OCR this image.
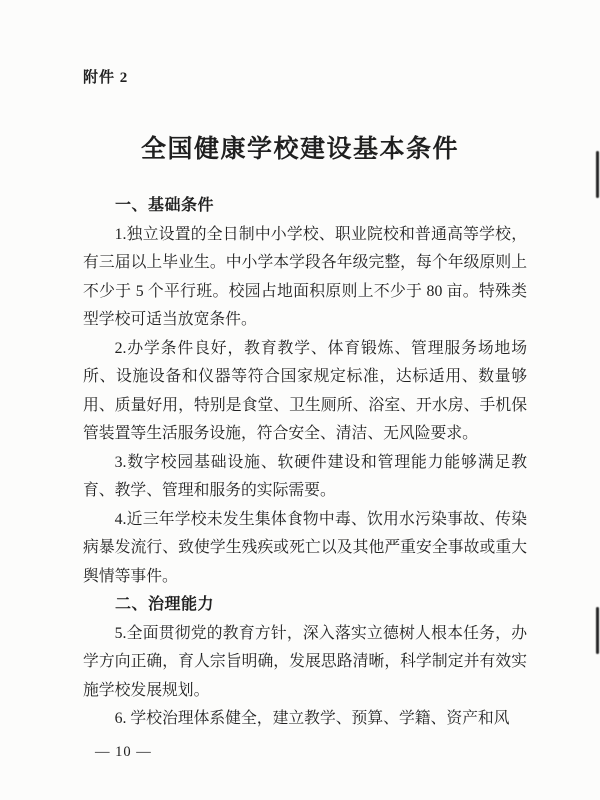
附件 2
全国健康学校建设基本条件
一、基础条件

1.独立设置的全日制中小学校、职业院校和普通高等学校，有三届以上毕业生。中小学本学段各年级完整，每个年级原则上不少于 5 个平行班。校园占地面积原则上不少于 80 亩。特殊类型学校可适当放宽条件。

2.办学条件良好，教育教学、体育锻炼、管理服务场地场所、设施设备和仪器等符合国家规定标准，达标适用、数量够用、质量好用，特别是食堂、卫生厕所、浴室、开水房、手机保管装置等生活服务设施，符合安全、清洁、无风险要求。

3.数字校园基础设施、软硬件建设和管理能力能够满足教育、教学、管理和服务的实际需要。

4.近三年学校未发生集体食物中毒、饮用水污染事故、传染病暴发流行、致使学生残疾或死亡以及其他严重安全事故或重大舆情等事件。

二、治理能力

5.全面贯彻党的教育方针，深入落实立德树人根本任务，办学方向正确，育人宗旨明确，发展思路清晰，科学制定并有效实施学校发展规划。

6. 学校治理体系健全，建立教学、预算、学籍、资产和风

— 10 —
